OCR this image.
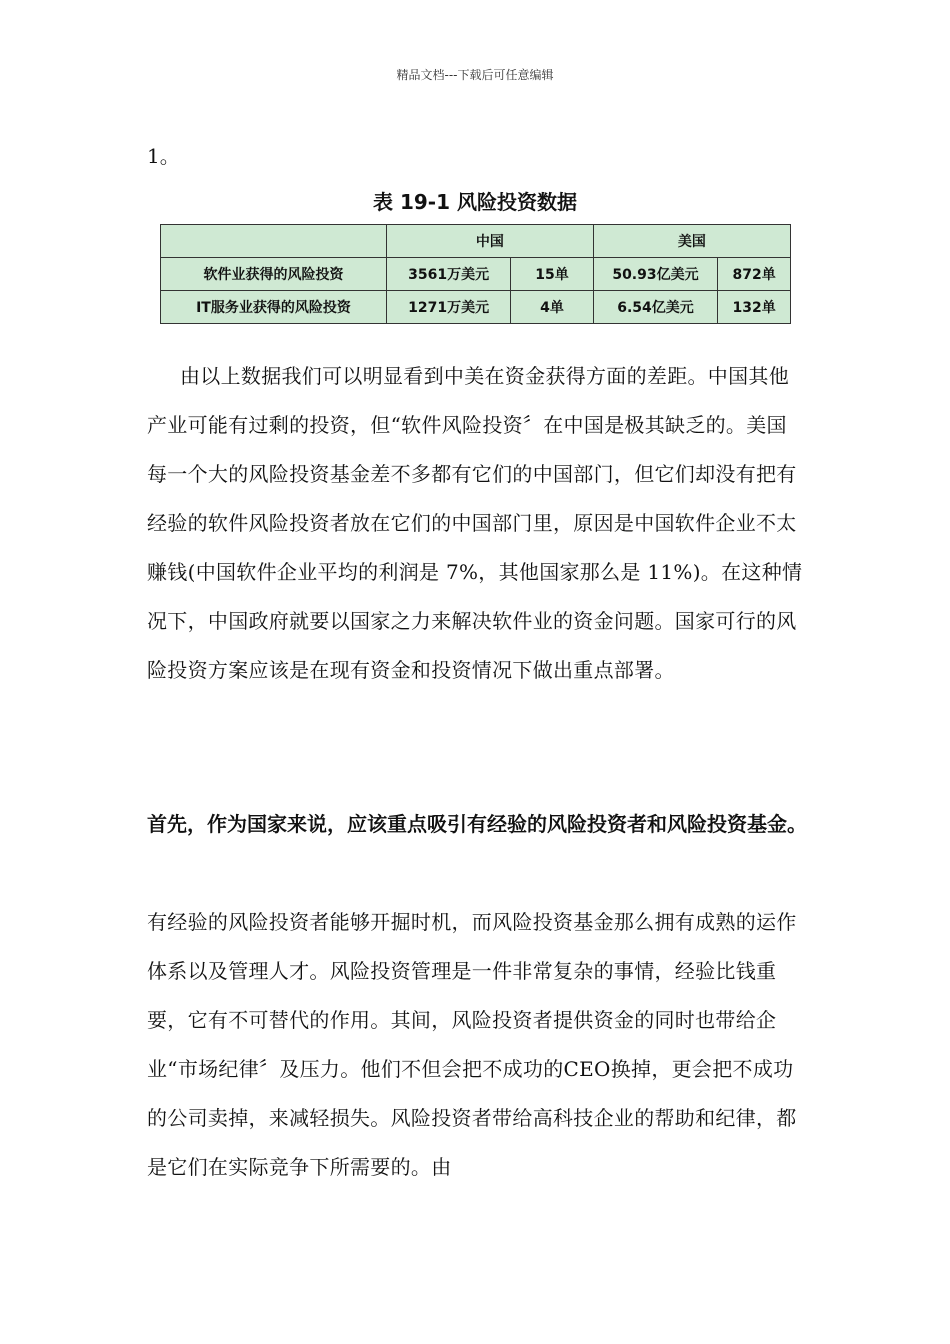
精品文档---下载后可任意编辑
1。
表 19-1 风险投资数据
	中国		美国	
软件业获得的风险投资	3561万美元	15单	50.93亿美元	872单
IT服务业获得的风险投资	1271万美元	4单	6.54亿美元	132单
由以上数据我们可以明显看到中美在资金获得方面的差距。中国其他产业可能有过剩的投资，但“软件风险投资〞在中国是极其缺乏的。美国每一个大的风险投资基金差不多都有它们的中国部门，但它们却没有把有经验的软件风险投资者放在它们的中国部门里，原因是中国软件企业不太赚钱(中国软件企业平均的利润是 7%，其他国家那么是 11%)。在这种情况下，中国政府就要以国家之力来解决软件业的资金问题。国家可行的风险投资方案应该是在现有资金和投资情况下做出重点部署。
首先，作为国家来说，应该重点吸引有经验的风险投资者和风险投资基金。
有经验的风险投资者能够开掘时机，而风险投资基金那么拥有成熟的运作体系以及管理人才。风险投资管理是一件非常复杂的事情，经验比钱重要，它有不可替代的作用。其间，风险投资者提供资金的同时也带给企业“市场纪律〞及压力。他们不但会把不成功的CEO换掉，更会把不成功的公司卖掉，来减轻损失。风险投资者带给高科技企业的帮助和纪律，都是它们在实际竞争下所需要的。由
